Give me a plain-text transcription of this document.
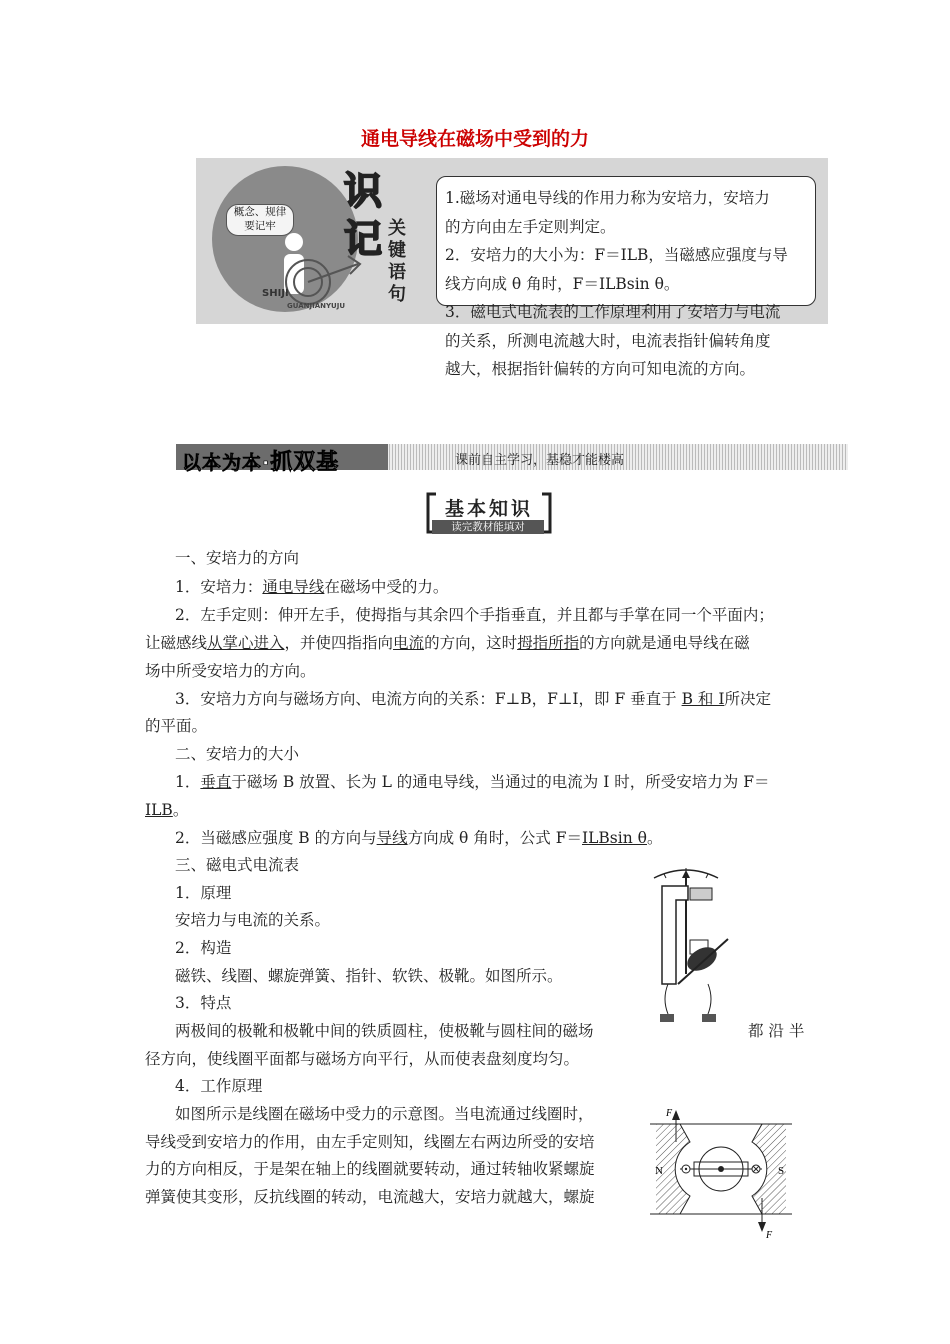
通电导线在磁场中受到的力
概念、规律
要记牢
SHIJI
GUANJIANYUJU
识
记 关
键
语
句
1.磁场对通电导线的作用力称为安培力，安培力
的方向由左手定则判定。
2．安培力的大小为：F＝ILB，当磁感应强度与导
线方向成 θ 角时，F＝ILBsin θ。
3．磁电式电流表的工作原理利用了安培力与电流
的关系，所测电流越大时，电流表指针偏转角度
越大，根据指针偏转的方向可知电流的方向。
以本为本·抓双基	课前自主学习，基稳才能楼高
基本知识
读完教材能填对
一、安培力的方向
1．安培力：通电导线在磁场中受的力。
2．左手定则：伸开左手，使拇指与其余四个手指垂直，并且都与手掌在同一个平面内；
让磁感线从掌心进入，并使四指指向电流的方向，这时拇指所指的方向就是通电导线在磁
场中所受安培力的方向。
3．安培力方向与磁场方向、电流方向的关系：F⊥B，F⊥I，即 F 垂直于 B 和 I所决定
的平面。
二、安培力的大小
1．垂直于磁场 B 放置、长为 L 的通电导线，当通过的电流为 I 时，所受安培力为 F＝
ILB。
2．当磁感应强度 B 的方向与导线方向成 θ 角时，公式 F＝ILBsin θ。
三、磁电式电流表
1．原理
安培力与电流的关系。
2．构造
磁铁、线圈、螺旋弹簧、指针、软铁、极靴。如图所示。
3．特点
两极间的极靴和极靴中间的铁质圆柱，使极靴与圆柱间的磁场	都 沿 半
径方向，使线圈平面都与磁场方向平行，从而使表盘刻度均匀。
4．工作原理
如图所示是线圈在磁场中受力的示意图。当电流通过线圈时，
导线受到安培力的作用，由左手定则知，线圈左右两边所受的安培
力的方向相反，于是架在轴上的线圈就要转动，通过转轴收紧螺旋
弹簧使其变形，反抗线圈的转动，电流越大，安培力就越大，螺旋
N	S
F
F
